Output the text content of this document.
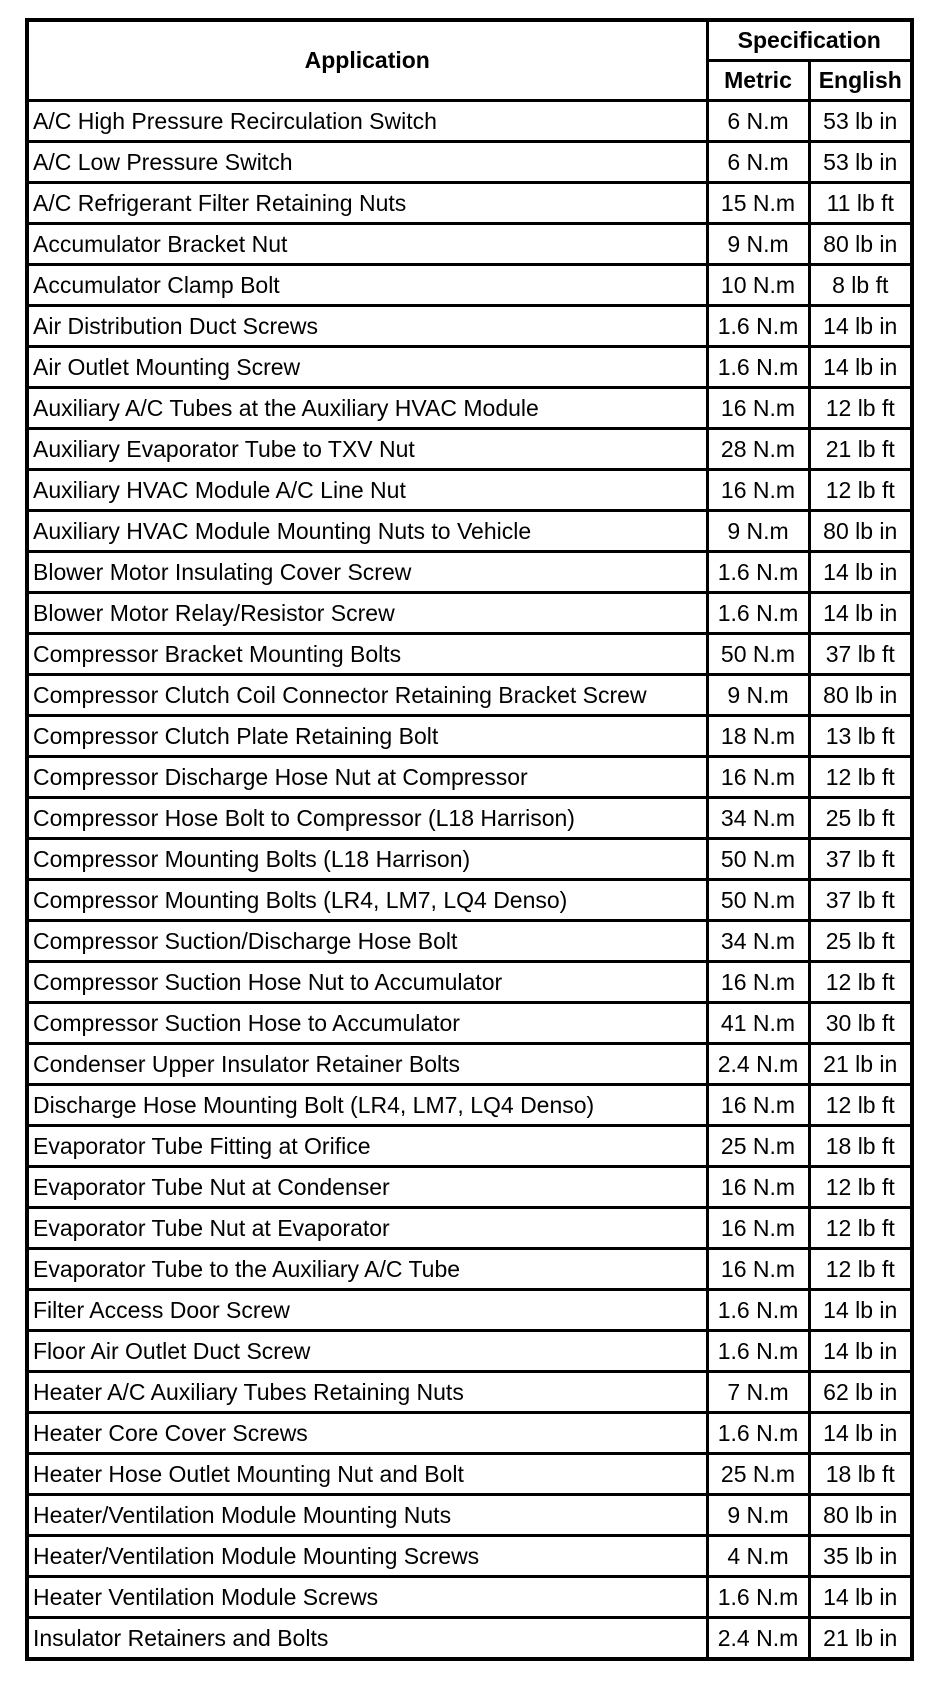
Application	Specification	
	Metric	English
A/C High Pressure Recirculation Switch	6 N.m	53 lb in
A/C Low Pressure Switch	6 N.m	53 lb in
A/C Refrigerant Filter Retaining Nuts	15 N.m	11 lb ft
Accumulator Bracket Nut	9 N.m	80 lb in
Accumulator Clamp Bolt	10 N.m	8 lb ft
Air Distribution Duct Screws	1.6 N.m	14 lb in
Air Outlet Mounting Screw	1.6 N.m	14 lb in
Auxiliary A/C Tubes at the Auxiliary HVAC Module	16 N.m	12 lb ft
Auxiliary Evaporator Tube to TXV Nut	28 N.m	21 lb ft
Auxiliary HVAC Module A/C Line Nut	16 N.m	12 lb ft
Auxiliary HVAC Module Mounting Nuts to Vehicle	9 N.m	80 lb in
Blower Motor Insulating Cover Screw	1.6 N.m	14 lb in
Blower Motor Relay/Resistor Screw	1.6 N.m	14 lb in
Compressor Bracket Mounting Bolts	50 N.m	37 lb ft
Compressor Clutch Coil Connector Retaining Bracket Screw	9 N.m	80 lb in
Compressor Clutch Plate Retaining Bolt	18 N.m	13 lb ft
Compressor Discharge Hose Nut at Compressor	16 N.m	12 lb ft
Compressor Hose Bolt to Compressor (L18 Harrison)	34 N.m	25 lb ft
Compressor Mounting Bolts (L18 Harrison)	50 N.m	37 lb ft
Compressor Mounting Bolts (LR4, LM7, LQ4 Denso)	50 N.m	37 lb ft
Compressor Suction/Discharge Hose Bolt	34 N.m	25 lb ft
Compressor Suction Hose Nut to Accumulator	16 N.m	12 lb ft
Compressor Suction Hose to Accumulator	41 N.m	30 lb ft
Condenser Upper Insulator Retainer Bolts	2.4 N.m	21 lb in
Discharge Hose Mounting Bolt (LR4, LM7, LQ4 Denso)	16 N.m	12 lb ft
Evaporator Tube Fitting at Orifice	25 N.m	18 lb ft
Evaporator Tube Nut at Condenser	16 N.m	12 lb ft
Evaporator Tube Nut at Evaporator	16 N.m	12 lb ft
Evaporator Tube to the Auxiliary A/C Tube	16 N.m	12 lb ft
Filter Access Door Screw	1.6 N.m	14 lb in
Floor Air Outlet Duct Screw	1.6 N.m	14 lb in
Heater A/C Auxiliary Tubes Retaining Nuts	7 N.m	62 lb in
Heater Core Cover Screws	1.6 N.m	14 lb in
Heater Hose Outlet Mounting Nut and Bolt	25 N.m	18 lb ft
Heater/Ventilation Module Mounting Nuts	9 N.m	80 lb in
Heater/Ventilation Module Mounting Screws	4 N.m	35 lb in
Heater Ventilation Module Screws	1.6 N.m	14 lb in
Insulator Retainers and Bolts	2.4 N.m	21 lb in
